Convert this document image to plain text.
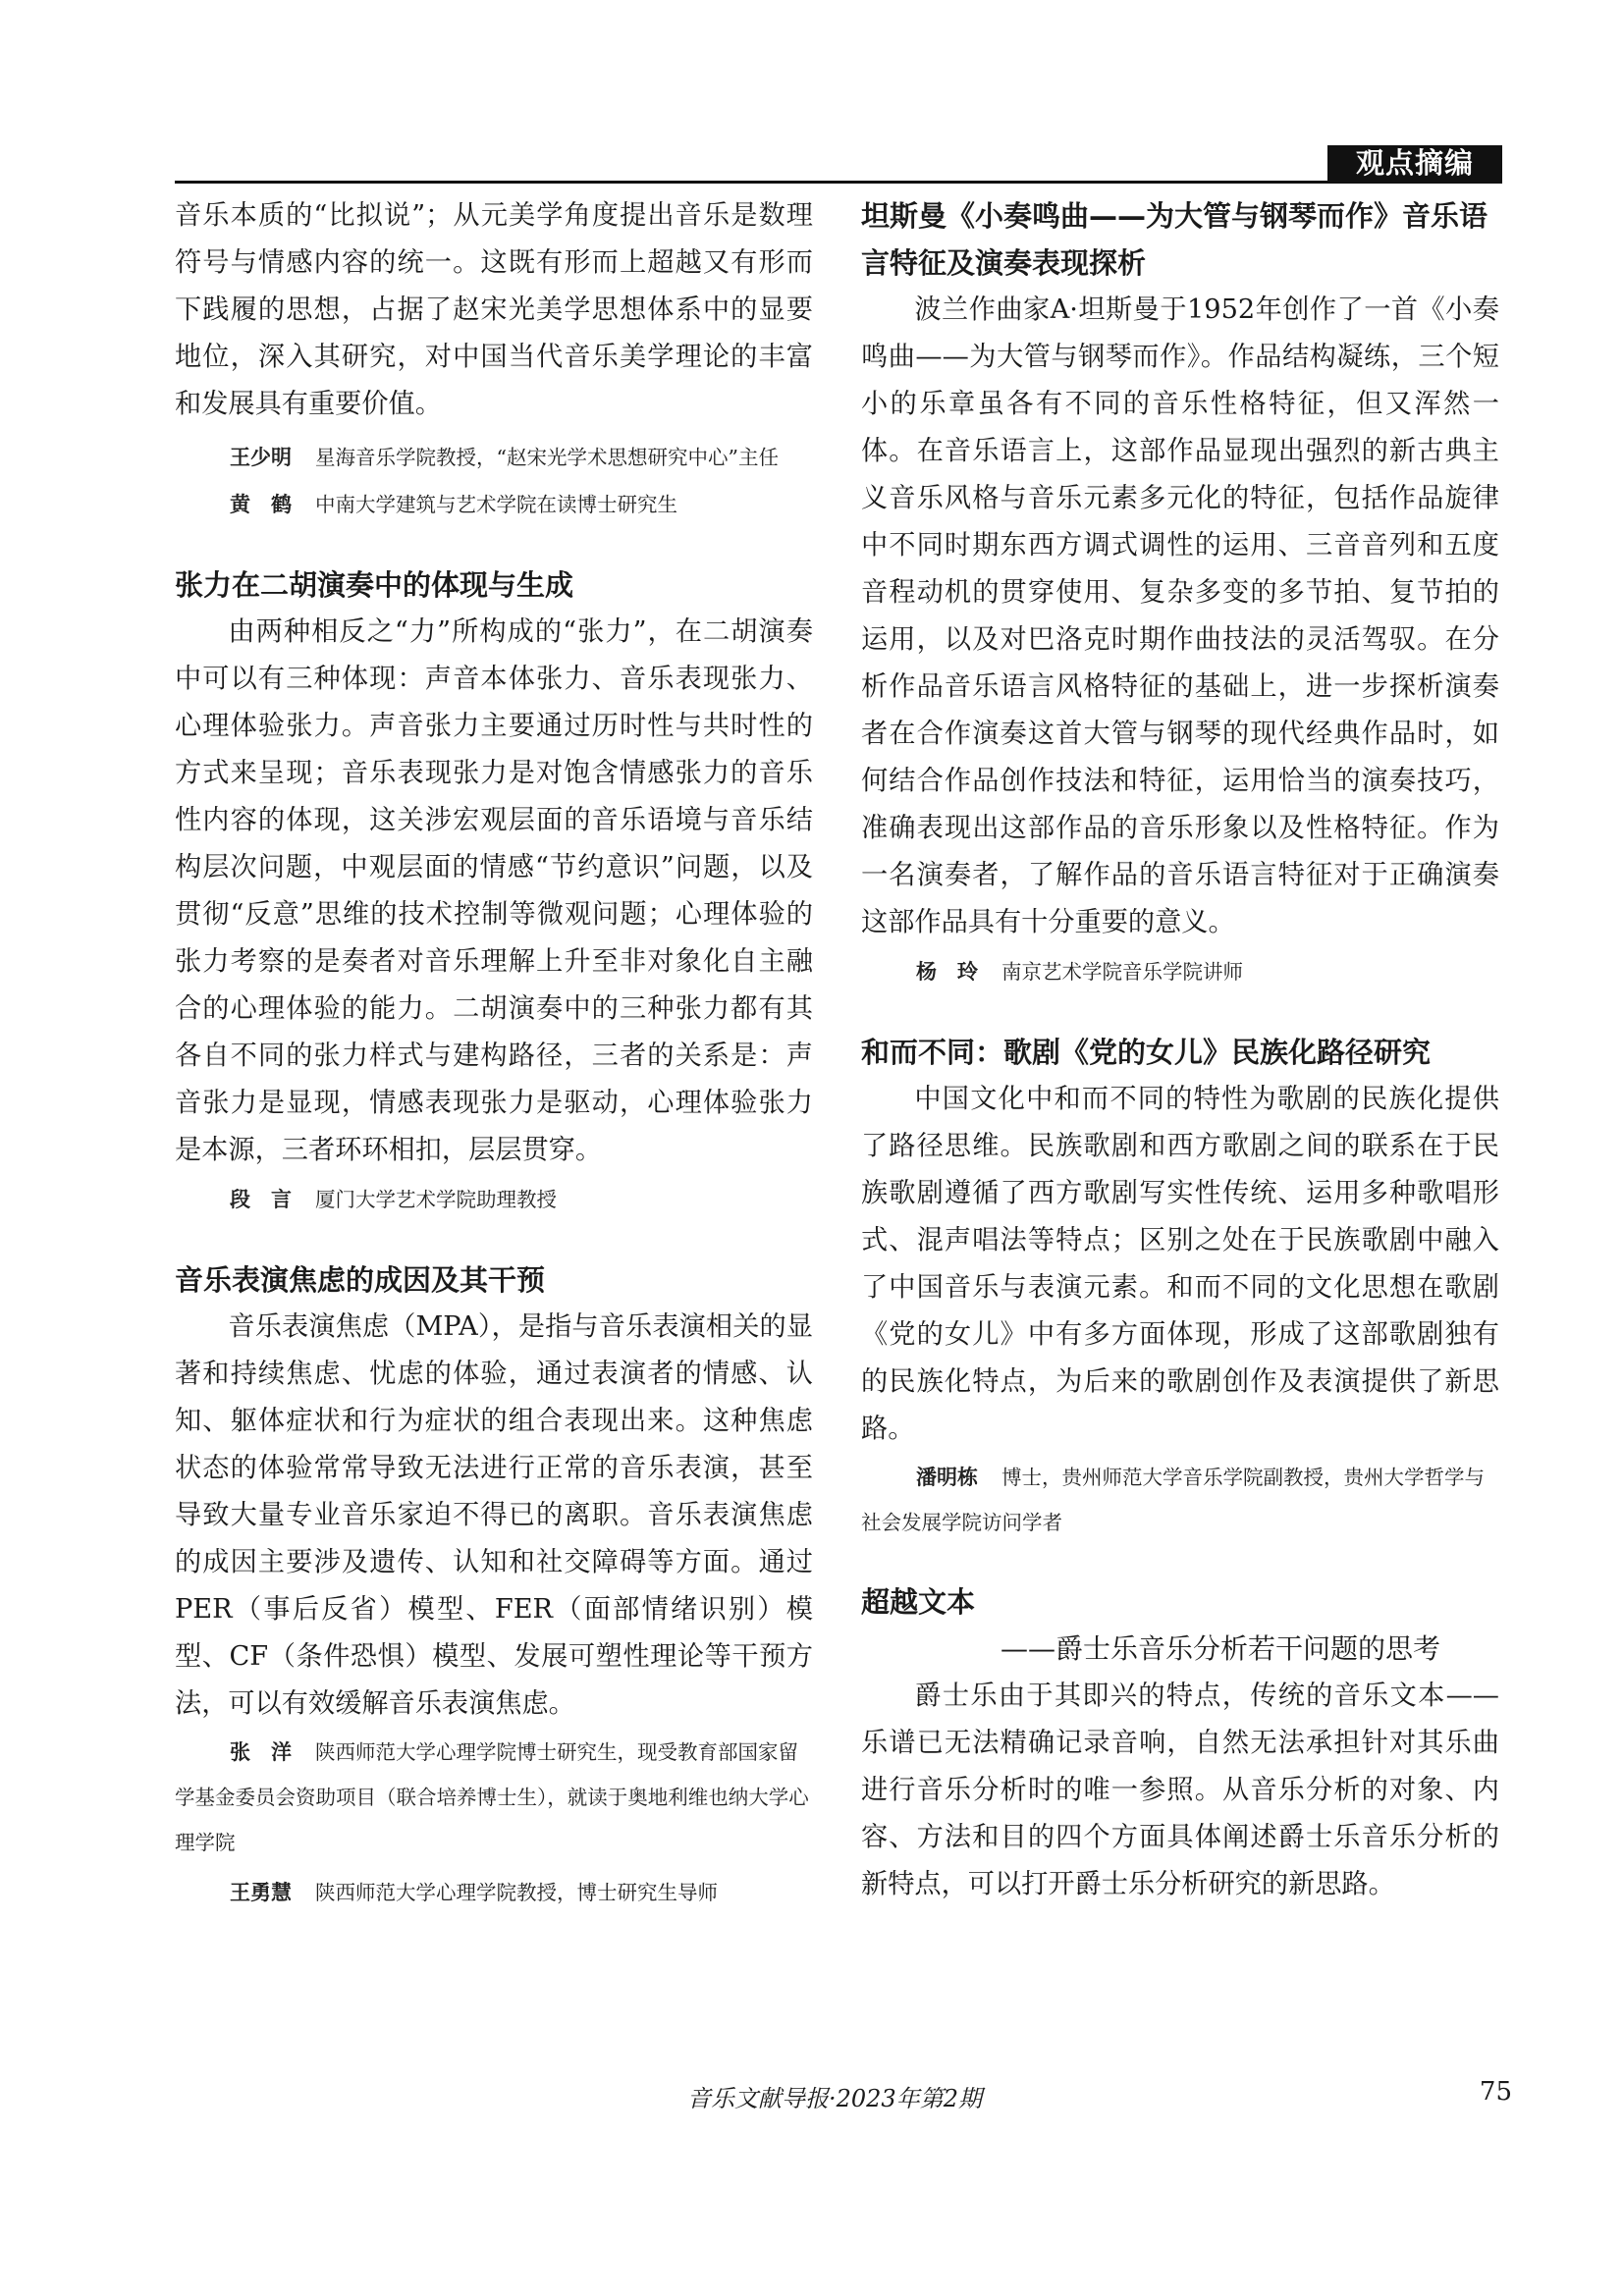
观点摘编

音乐本质的“比拟说”；从元美学角度提出音乐是数理符号与情感内容的统一。这既有形而上超越又有形而下践履的思想，占据了赵宋光美学思想体系中的显要地位，深入其研究，对中国当代音乐美学理论的丰富和发展具有重要价值。

王少明 星海音乐学院教授，“赵宋光学术思想研究中心”主任

黄　鹤 中南大学建筑与艺术学院在读博士研究生

张力在二胡演奏中的体现与生成

由两种相反之“力”所构成的“张力”，在二胡演奏中可以有三种体现：声音本体张力、音乐表现张力、心理体验张力。声音张力主要通过历时性与共时性的方式来呈现；音乐表现张力是对饱含情感张力的音乐性内容的体现，这关涉宏观层面的音乐语境与音乐结构层次问题，中观层面的情感“节约意识”问题，以及贯彻“反意”思维的技术控制等微观问题；心理体验的张力考察的是奏者对音乐理解上升至非对象化自主融合的心理体验的能力。二胡演奏中的三种张力都有其各自不同的张力样式与建构路径，三者的关系是：声音张力是显现，情感表现张力是驱动，心理体验张力是本源，三者环环相扣，层层贯穿。

段　言 厦门大学艺术学院助理教授

音乐表演焦虑的成因及其干预

音乐表演焦虑（MPA），是指与音乐表演相关的显著和持续焦虑、忧虑的体验，通过表演者的情感、认知、躯体症状和行为症状的组合表现出来。这种焦虑状态的体验常常导致无法进行正常的音乐表演，甚至导致大量专业音乐家迫不得已的离职。音乐表演焦虑的成因主要涉及遗传、认知和社交障碍等方面。通过PER（事后反省）模型、FER（面部情绪识别）模型、CF（条件恐惧）模型、发展可塑性理论等干预方法，可以有效缓解音乐表演焦虑。

张　洋 陕西师范大学心理学院博士研究生，现受教育部国家留学基金委员会资助项目（联合培养博士生），就读于奥地利维也纳大学心理学院

王勇慧 陕西师范大学心理学院教授，博士研究生导师

坦斯曼《小奏鸣曲——为大管与钢琴而作》音乐语言特征及演奏表现探析

波兰作曲家A·坦斯曼于1952年创作了一首《小奏鸣曲——为大管与钢琴而作》。作品结构凝练，三个短小的乐章虽各有不同的音乐性格特征，但又浑然一体。在音乐语言上，这部作品显现出强烈的新古典主义音乐风格与音乐元素多元化的特征，包括作品旋律中不同时期东西方调式调性的运用、三音音列和五度音程动机的贯穿使用、复杂多变的多节拍、复节拍的运用，以及对巴洛克时期作曲技法的灵活驾驭。在分析作品音乐语言风格特征的基础上，进一步探析演奏者在合作演奏这首大管与钢琴的现代经典作品时，如何结合作品创作技法和特征，运用恰当的演奏技巧，准确表现出这部作品的音乐形象以及性格特征。作为一名演奏者，了解作品的音乐语言特征对于正确演奏这部作品具有十分重要的意义。

杨　玲 南京艺术学院音乐学院讲师

和而不同：歌剧《党的女儿》民族化路径研究

中国文化中和而不同的特性为歌剧的民族化提供了路径思维。民族歌剧和西方歌剧之间的联系在于民族歌剧遵循了西方歌剧写实性传统、运用多种歌唱形式、混声唱法等特点；区别之处在于民族歌剧中融入了中国音乐与表演元素。和而不同的文化思想在歌剧《党的女儿》中有多方面体现，形成了这部歌剧独有的民族化特点，为后来的歌剧创作及表演提供了新思路。

潘明栋 博士，贵州师范大学音乐学院副教授，贵州大学哲学与社会发展学院访问学者

超越文本

——爵士乐音乐分析若干问题的思考

爵士乐由于其即兴的特点，传统的音乐文本——乐谱已无法精确记录音响，自然无法承担针对其乐曲进行音乐分析时的唯一参照。从音乐分析的对象、内容、方法和目的四个方面具体阐述爵士乐音乐分析的新特点，可以打开爵士乐分析研究的新思路。

音乐文献导报·2023年第2期	75
